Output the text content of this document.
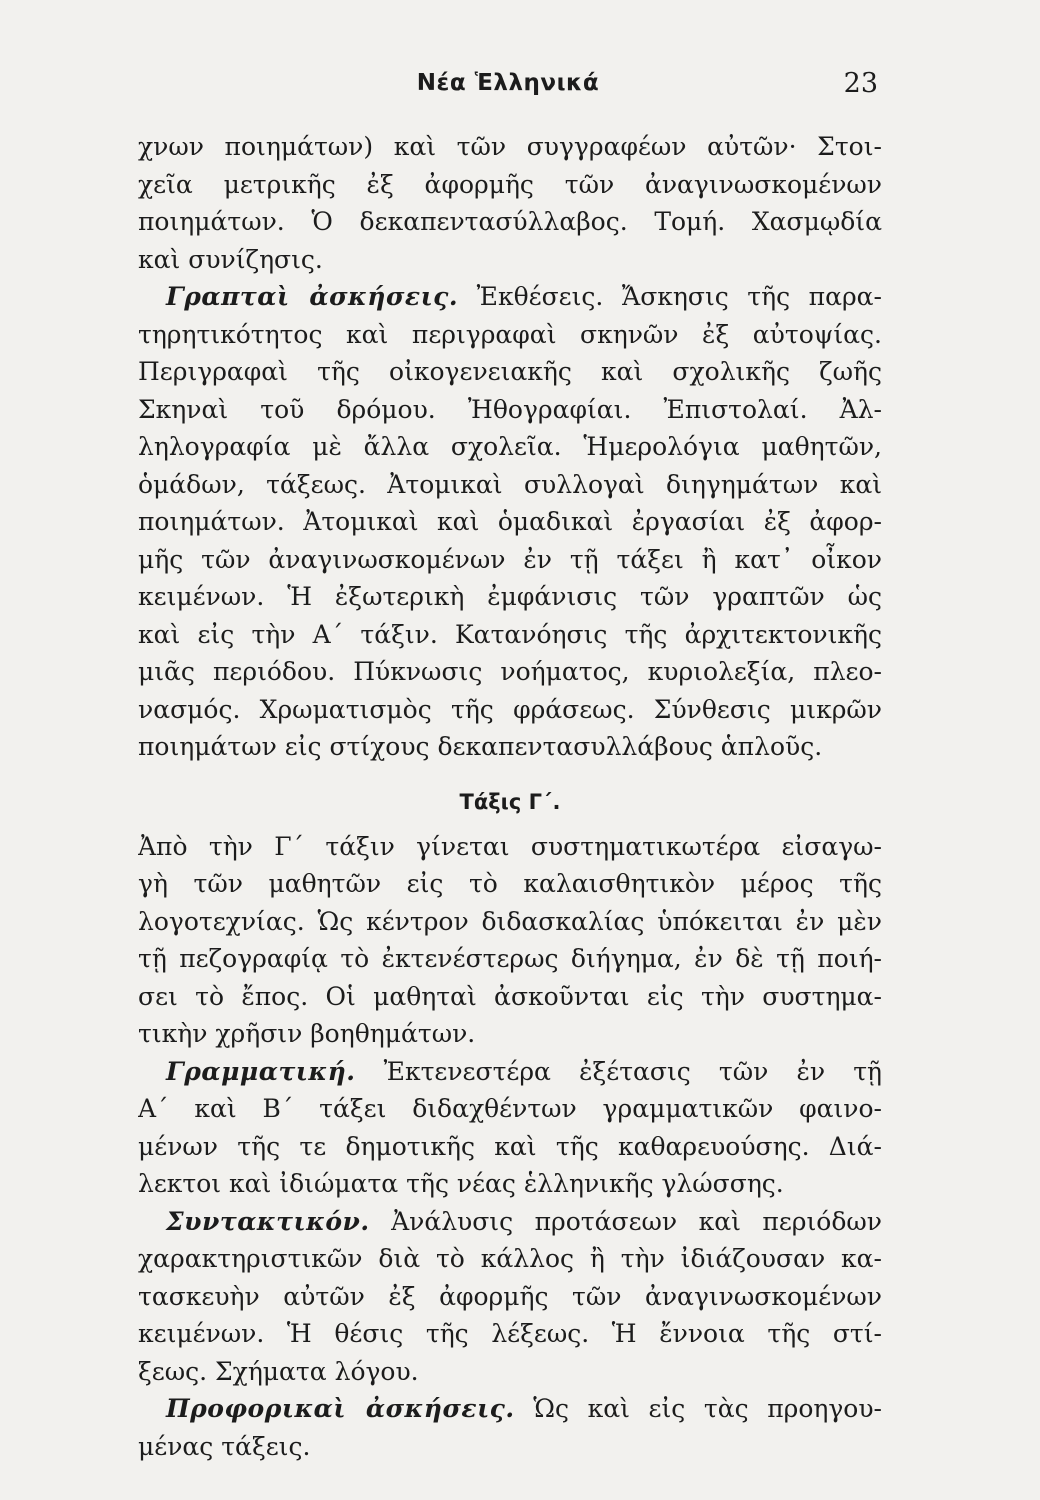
Νέα Ἑλληνικά	23
χνων ποιημάτων) καὶ τῶν συγγραφέων αὐτῶν· Στοι-
χεῖα μετρικῆς ἐξ ἀφορμῆς τῶν ἀναγινωσκομένων
ποιημάτων. Ὁ δεκαπεντασύλλαβος. Τομή. Χασμῳδία
καὶ συνίζησις.
Γραπταὶ ἀσκήσεις. Ἐκθέσεις. Ἄσκησις τῆς παρα-
τηρητικότητος καὶ περιγραφαὶ σκηνῶν ἐξ αὐτοψίας.
Περιγραφαὶ τῆς οἰκογενειακῆς καὶ σχολικῆς ζωῆς
Σκηναὶ τοῦ δρόμου. Ἠθογραφίαι. Ἐπιστολαί. Ἀλ-
ληλογραφία μὲ ἄλλα σχολεῖα. Ἡμερολόγια μαθητῶν,
ὁμάδων, τάξεως. Ἀτομικαὶ συλλογαὶ διηγημάτων καὶ
ποιημάτων. Ἀτομικαὶ καὶ ὁμαδικαὶ ἐργασίαι ἐξ ἀφορ-
μῆς τῶν ἀναγινωσκομένων ἐν τῇ τάξει ἢ κατ᾿ οἶκον
κειμένων. Ἡ ἐξωτερικὴ ἐμφάνισις τῶν γραπτῶν ὡς
καὶ εἰς τὴν Α´ τάξιν. Κατανόησις τῆς ἀρχιτεκτονικῆς
μιᾶς περιόδου. Πύκνωσις νοήματος, κυριολεξία, πλεο-
νασμός. Χρωματισμὸς τῆς φράσεως. Σύνθεσις μικρῶν
ποιημάτων εἰς στίχους δεκαπεντασυλλάβους ἁπλοῦς.
Τάξις Γ´.
Ἀπὸ τὴν Γ´ τάξιν γίνεται συστηματικωτέρα εἰσαγω-
γὴ τῶν μαθητῶν εἰς τὸ καλαισθητικὸν μέρος τῆς
λογοτεχνίας. Ὡς κέντρον διδασκαλίας ὑπόκειται ἐν μὲν
τῇ πεζογραφίᾳ τὸ ἐκτενέστερως διήγημα, ἐν δὲ τῇ ποιή-
σει τὸ ἔπος. Οἱ μαθηταὶ ἀσκοῦνται εἰς τὴν συστημα-
τικὴν χρῆσιν βοηθημάτων.
Γραμματική. Ἐκτενεστέρα ἐξέτασις τῶν ἐν τῇ
Α´ καὶ Β´ τάξει διδαχθέντων γραμματικῶν φαινο-
μένων τῆς τε δημοτικῆς καὶ τῆς καθαρευούσης. Διά-
λεκτοι καὶ ἰδιώματα τῆς νέας ἑλληνικῆς γλώσσης.
Συντακτικόν. Ἀνάλυσις προτάσεων καὶ περιόδων
χαρακτηριστικῶν διὰ τὸ κάλλος ἢ τὴν ἰδιάζουσαν κα-
τασκευὴν αὐτῶν ἐξ ἀφορμῆς τῶν ἀναγινωσκομένων
κειμένων. Ἡ θέσις τῆς λέξεως. Ἡ ἔννοια τῆς στί-
ξεως. Σχήματα λόγου.
Προφορικαὶ ἀσκήσεις. Ὡς καὶ εἰς τὰς προηγου-
μένας τάξεις.
